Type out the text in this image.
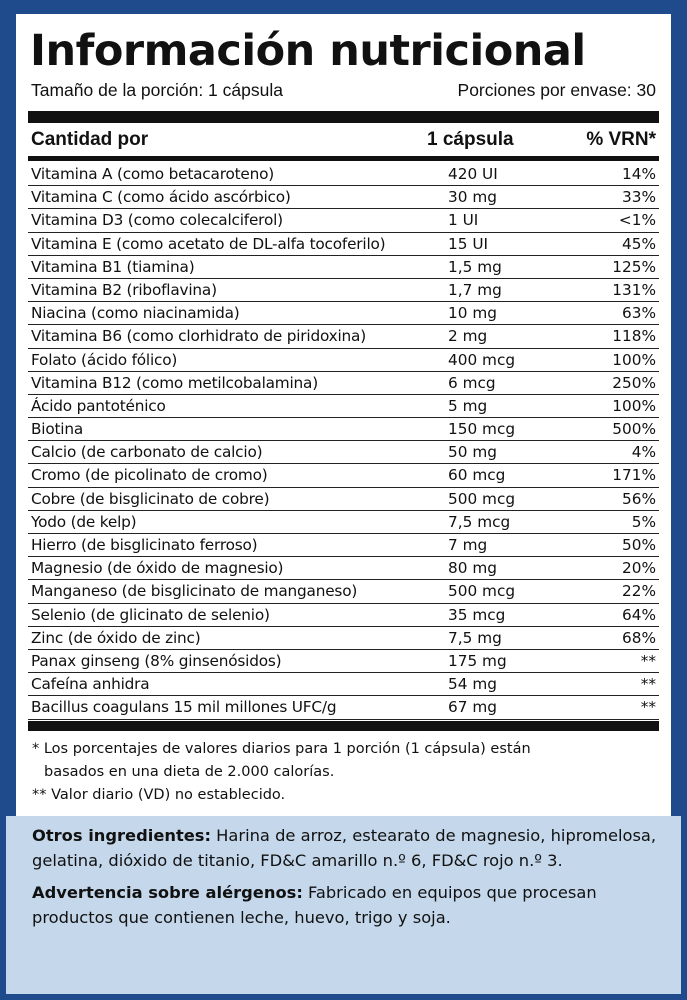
Información nutricional
Tamaño de la porción: 1 cápsula	Porciones por envase: 30
Cantidad por	1 cápsula	% VRN*
Vitamina A (como betacaroteno)	420 UI	14%
Vitamina C (como ácido ascórbico)	30 mg	33%
Vitamina D3 (como colecalciferol)	1 UI	<1%
Vitamina E (como acetato de DL-alfa tocoferilo)	15 UI	45%
Vitamina B1 (tiamina)	1,5 mg	125%
Vitamina B2 (riboflavina)	1,7 mg	131%
Niacina (como niacinamida)	10 mg	63%
Vitamina B6 (como clorhidrato de piridoxina)	2 mg	118%
Folato (ácido fólico)	400 mcg	100%
Vitamina B12 (como metilcobalamina)	6 mcg	250%
Ácido pantoténico	5 mg	100%
Biotina	150 mcg	500%
Calcio (de carbonato de calcio)	50 mg	4%
Cromo (de picolinato de cromo)	60 mcg	171%
Cobre (de bisglicinato de cobre)	500 mcg	56%
Yodo (de kelp)	7,5 mcg	5%
Hierro (de bisglicinato ferroso)	7 mg	50%
Magnesio (de óxido de magnesio)	80 mg	20%
Manganeso (de bisglicinato de manganeso)	500 mcg	22%
Selenio (de glicinato de selenio)	35 mcg	64%
Zinc (de óxido de zinc)	7,5 mg	68%
Panax ginseng (8% ginsenósidos)	175 mg	**
Cafeína anhidra	54 mg	**
Bacillus coagulans 15 mil millones UFC/g	67 mg	**
* Los porcentajes de valores diarios para 1 porción (1 cápsula) están
basados en una dieta de 2.000 calorías.
** Valor diario (VD) no establecido.

Otros ingredientes: Harina de arroz, estearato de magnesio, hipromelosa, gelatina, dióxido de titanio, FD&C amarillo n.º 6, FD&C rojo n.º 3.

Advertencia sobre alérgenos: Fabricado en equipos que procesan productos que contienen leche, huevo, trigo y soja.
